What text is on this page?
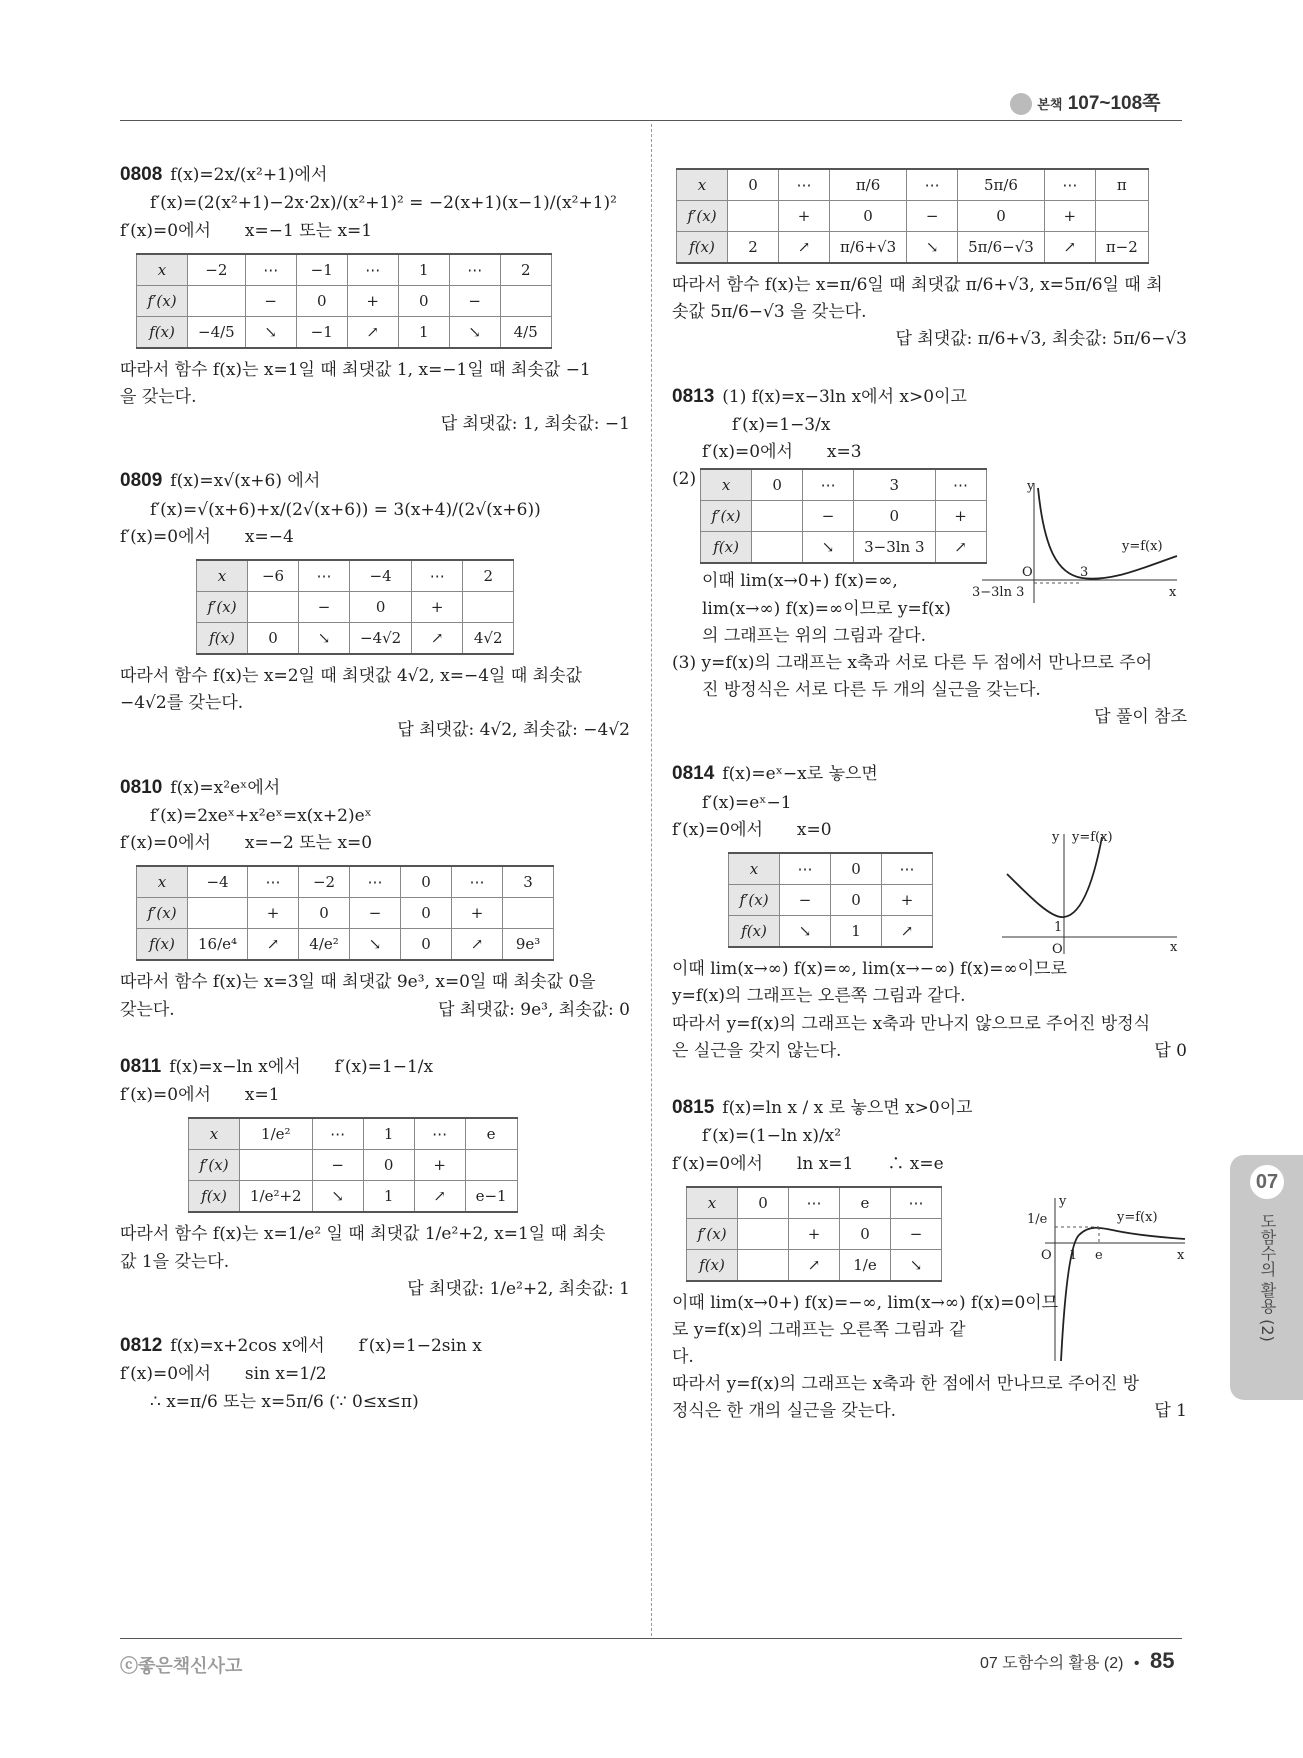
본책 107~108쪽
0808 f(x)=2x/(x²+1)에서
f′(x)=(2(x²+1)−2x·2x)/(x²+1)² = −2(x+1)(x−1)/(x²+1)²
f′(x)=0에서　　x=−1 또는 x=1
x	−2	⋯	−1	⋯	1	⋯	2
f′(x)		−	0	+	0	−	
f(x)	−4/5	↘	−1	↗	1	↘	4/5
따라서 함수 f(x)는 x=1일 때 최댓값 1, x=−1일 때 최솟값 −1
을 갖는다.
답 최댓값: 1, 최솟값: −1
0809 f(x)=x√(x+6) 에서
f′(x)=√(x+6)+x/(2√(x+6)) = 3(x+4)/(2√(x+6))
f′(x)=0에서　　x=−4
x	−6	⋯	−4	⋯	2
f′(x)		−	0	+	
f(x)	0	↘	−4√2	↗	4√2
따라서 함수 f(x)는 x=2일 때 최댓값 4√2, x=−4일 때 최솟값
−4√2를 갖는다.
답 최댓값: 4√2, 최솟값: −4√2
0810 f(x)=x²eˣ에서
f′(x)=2xeˣ+x²eˣ=x(x+2)eˣ
f′(x)=0에서　　x=−2 또는 x=0
x	−4	⋯	−2	⋯	0	⋯	3
f′(x)		+	0	−	0	+	
f(x)	16/e⁴	↗	4/e²	↘	0	↗	9e³
따라서 함수 f(x)는 x=3일 때 최댓값 9e³, x=0일 때 최솟값 0을
갖는다.	답 최댓값: 9e³, 최솟값: 0
0811 f(x)=x−ln x에서　　f′(x)=1−1/x
f′(x)=0에서　　x=1
x	1/e²	⋯	1	⋯	e
f′(x)		−	0	+	
f(x)	1/e²+2	↘	1	↗	e−1
따라서 함수 f(x)는 x=1/e² 일 때 최댓값 1/e²+2, x=1일 때 최솟
값 1을 갖는다.
답 최댓값: 1/e²+2, 최솟값: 1
0812 f(x)=x+2cos x에서　　f′(x)=1−2sin x
f′(x)=0에서　　sin x=1/2
∴ x=π/6 또는 x=5π/6 (∵ 0≤x≤π)
x	0	⋯	π/6	⋯	5π/6	⋯	π
f′(x)		+	0	−	0	+	
f(x)	2	↗	π/6+√3	↘	5π/6−√3	↗	π−2
따라서 함수 f(x)는 x=π/6일 때 최댓값 π/6+√3, x=5π/6일 때 최
솟값 5π/6−√3 을 갖는다.
답 최댓값: π/6+√3, 최솟값: 5π/6−√3
0813 (1) f(x)=x−3ln x에서 x>0이고
f′(x)=1−3/x
f′(x)=0에서　　x=3
(2) x	0	⋯	3	⋯
f′(x)		−	0	+
f(x)		↘	3−3ln 3	↗
이때 lim(x→0+) f(x)=∞,
lim(x→∞) f(x)=∞이므로 y=f(x)
의 그래프는 위의 그림과 같다.
(3) y=f(x)의 그래프는 x축과 서로 다른 두 점에서 만나므로 주어
진 방정식은 서로 다른 두 개의 실근을 갖는다.
답 풀이 참조
y
x
O
y=f(x)
3
3−3ln 3
0814 f(x)=eˣ−x로 놓으면
f′(x)=eˣ−1
f′(x)=0에서　　x=0
x	⋯	0	⋯
f′(x)	−	0	+
f(x)	↘	1	↗
이때 lim(x→∞) f(x)=∞, lim(x→−∞) f(x)=∞이므로
y=f(x)의 그래프는 오른쪽 그림과 같다.
따라서 y=f(x)의 그래프는 x축과 만나지 않으므로 주어진 방정식
은 실근을 갖지 않는다.	답 0
y
x
O
y=f(x)
1
0815 f(x)=ln x / x 로 놓으면 x>0이고
f′(x)=(1−ln x)/x²
f′(x)=0에서　　ln x=1　　∴ x=e
x	0	⋯	e	⋯
f′(x)		+	0	−
f(x)		↗	1/e	↘
이때 lim(x→0+) f(x)=−∞, lim(x→∞) f(x)=0이므
로 y=f(x)의 그래프는 오른쪽 그림과 같
다.
따라서 y=f(x)의 그래프는 x축과 한 점에서 만나므로 주어진 방
정식은 한 개의 실근을 갖는다.	답 1
y
x
O
y=f(x)
1 e
1/e
07
도함수의 활용 (2)
ⓒ좋은책신사고	07 도함수의 활용 (2) • 85
